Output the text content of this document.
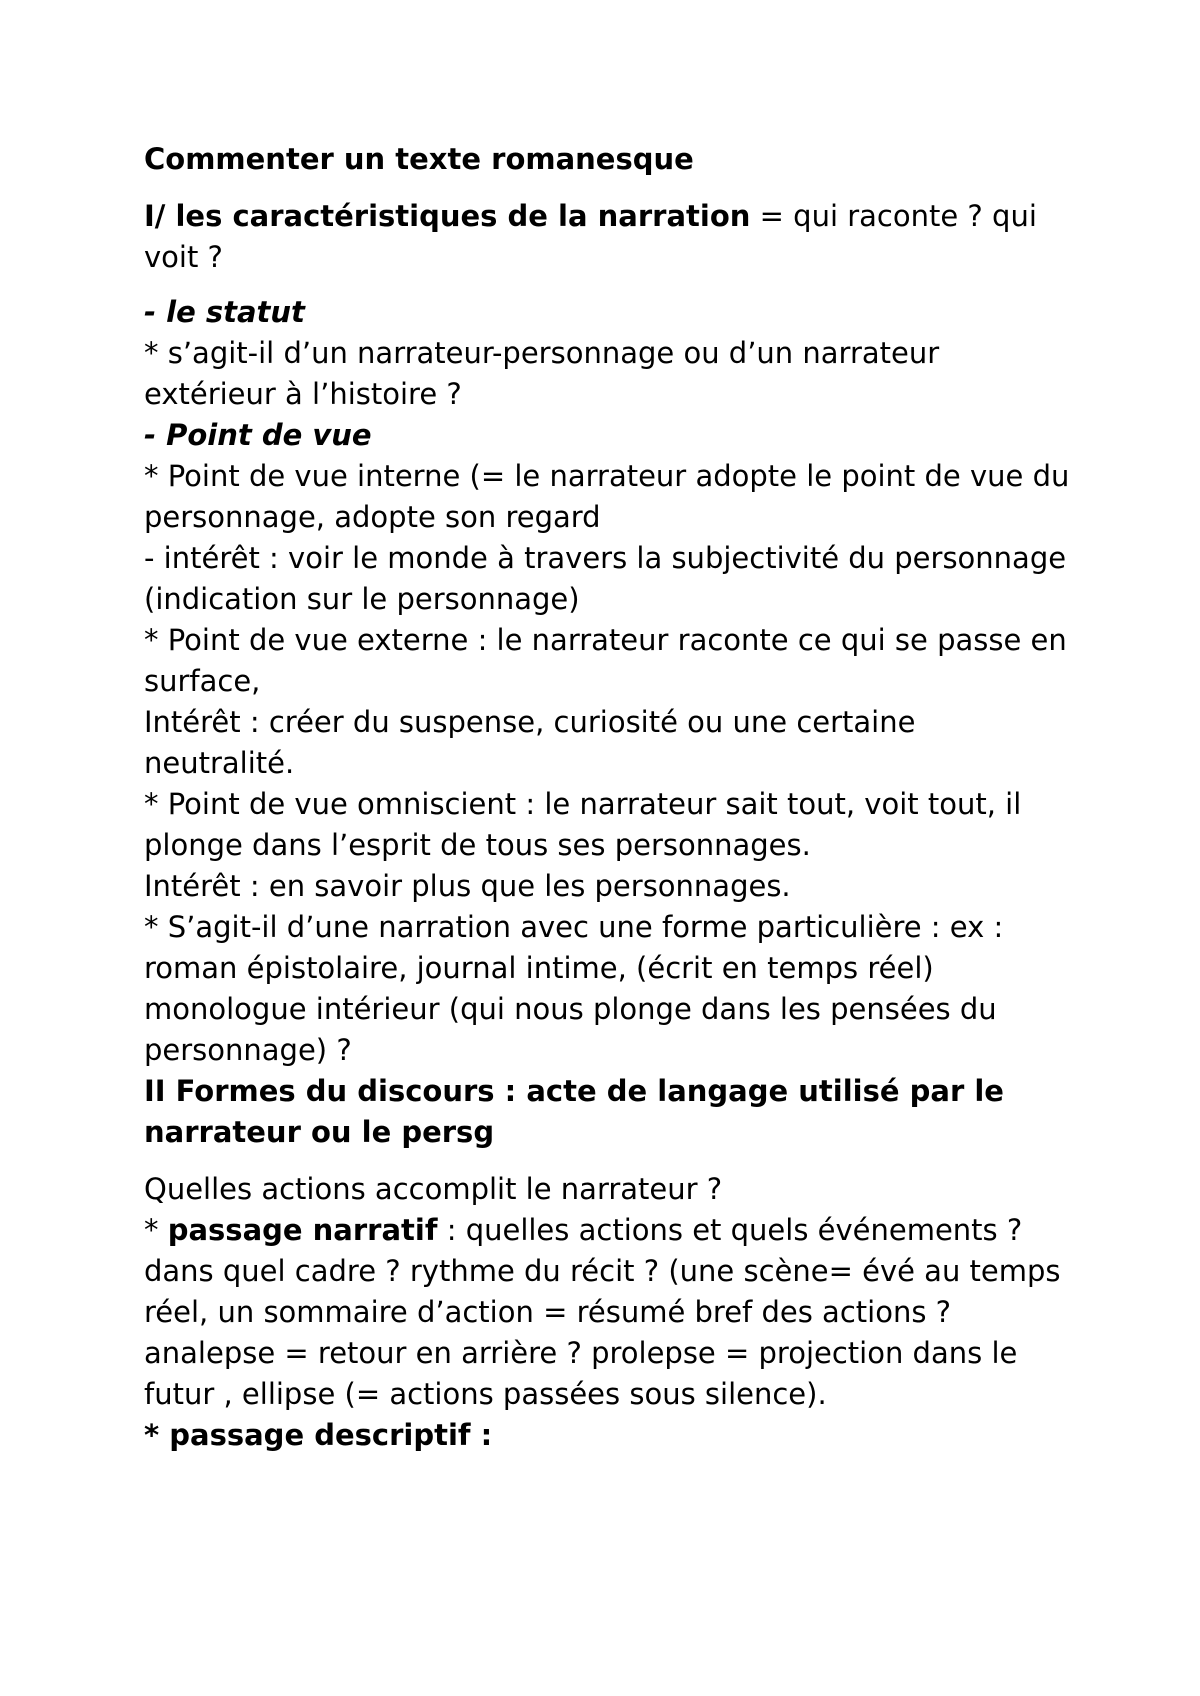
Commenter un texte romanesque

I/ les caractéristiques de la narration = qui raconte ? qui voit ?

- le statut

* s’agit-il d’un narrateur-personnage ou d’un narrateur extérieur à l’histoire ?

- Point de vue

* Point de vue interne (= le narrateur adopte le point de vue du personnage, adopte son regard

- intérêt : voir le monde à travers la subjectivité du personnage (indication sur le personnage)

* Point de vue externe : le narrateur raconte ce qui se passe en surface,

Intérêt : créer du suspense, curiosité ou une certaine neutralité.

* Point de vue omniscient : le narrateur sait tout, voit tout, il plonge dans l’esprit de tous ses personnages.

Intérêt : en savoir plus que les personnages.

* S’agit-il d’une narration avec une forme particulière : ex : roman épistolaire, journal intime, (écrit en temps réel) monologue intérieur (qui nous plonge dans les pensées du personnage) ?

II Formes du discours : acte de langage utilisé par le narrateur ou le persg

Quelles actions accomplit le narrateur ?

* passage narratif : quelles actions et quels événements ? dans quel cadre ? rythme du récit ? (une scène= évé au temps réel, un sommaire d’action = résumé bref des actions ? analepse = retour en arrière ? prolepse = projection dans le futur , ellipse (= actions passées sous silence).

* passage descriptif :
